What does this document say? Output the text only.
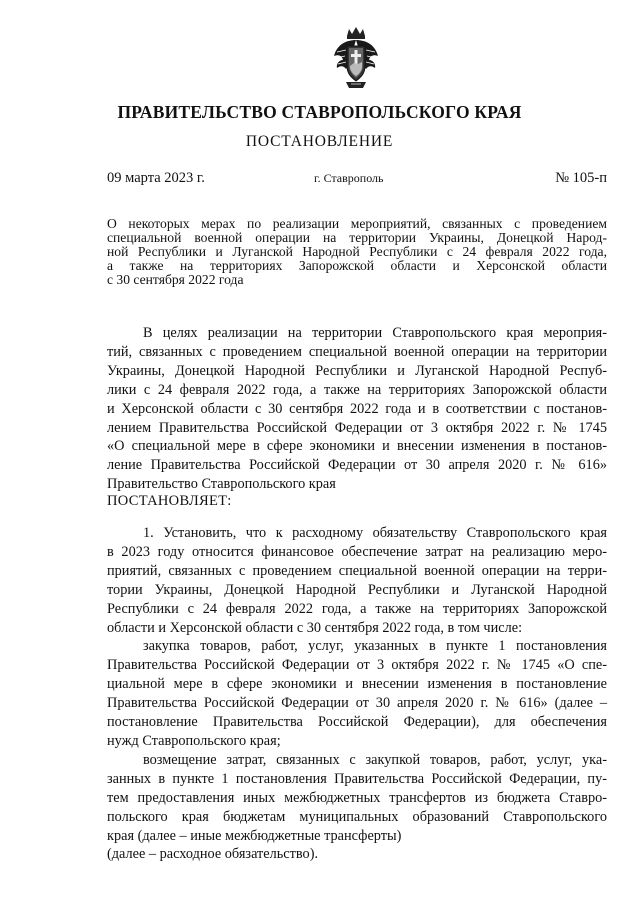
ПРАВИТЕЛЬСТВО СТАВРОПОЛЬСКОГО КРАЯ
ПОСТАНОВЛЕНИЕ
09 марта 2023 г.	г. Ставрополь	№ 105-п
О некоторых мерах по реализации мероприятий, связанных с проведением
специальной военной операции на территории Украины, Донецкой Народ-
ной Республики и Луганской Народной Республики с 24 февраля 2022 года,
а также на территориях Запорожской области и Херсонской области
с 30 сентября 2022 года
В целях реализации на территории Ставропольского края мероприя-
тий, связанных с проведением специальной военной операции на территории
Украины, Донецкой Народной Республики и Луганской Народной Респуб-
лики с 24 февраля 2022 года, а также на территориях Запорожской области
и Херсонской области с 30 сентября 2022 года и в соответствии с постанов-
лением Правительства Российской Федерации от 3 октября 2022 г. № 1745
«О специальной мере в сфере экономики и внесении изменения в постанов-
ление Правительства Российской Федерации от 30 апреля 2020 г. № 616»
Правительство Ставропольского края
ПОСТАНОВЛЯЕТ:
1. Установить, что к расходному обязательству Ставропольского края
в 2023 году относится финансовое обеспечение затрат на реализацию меро-
приятий, связанных с проведением специальной военной операции на терри-
тории Украины, Донецкой Народной Республики и Луганской Народной
Республики с 24 февраля 2022 года, а также на территориях Запорожской
области и Херсонской области с 30 сентября 2022 года, в том числе:
закупка товаров, работ, услуг, указанных в пункте 1 постановления
Правительства Российской Федерации от 3 октября 2022 г. № 1745 «О спе-
циальной мере в сфере экономики и внесении изменения в постановление
Правительства Российской Федерации от 30 апреля 2020 г. № 616» (далее –
постановление Правительства Российской Федерации), для обеспечения
нужд Ставропольского края;
возмещение затрат, связанных с закупкой товаров, работ, услуг, ука-
занных в пункте 1 постановления Правительства Российской Федерации, пу-
тем предоставления иных межбюджетных трансфертов из бюджета Ставро-
польского края бюджетам муниципальных образований Ставропольского
края (далее – иные межбюджетные трансферты)
(далее – расходное обязательство).
